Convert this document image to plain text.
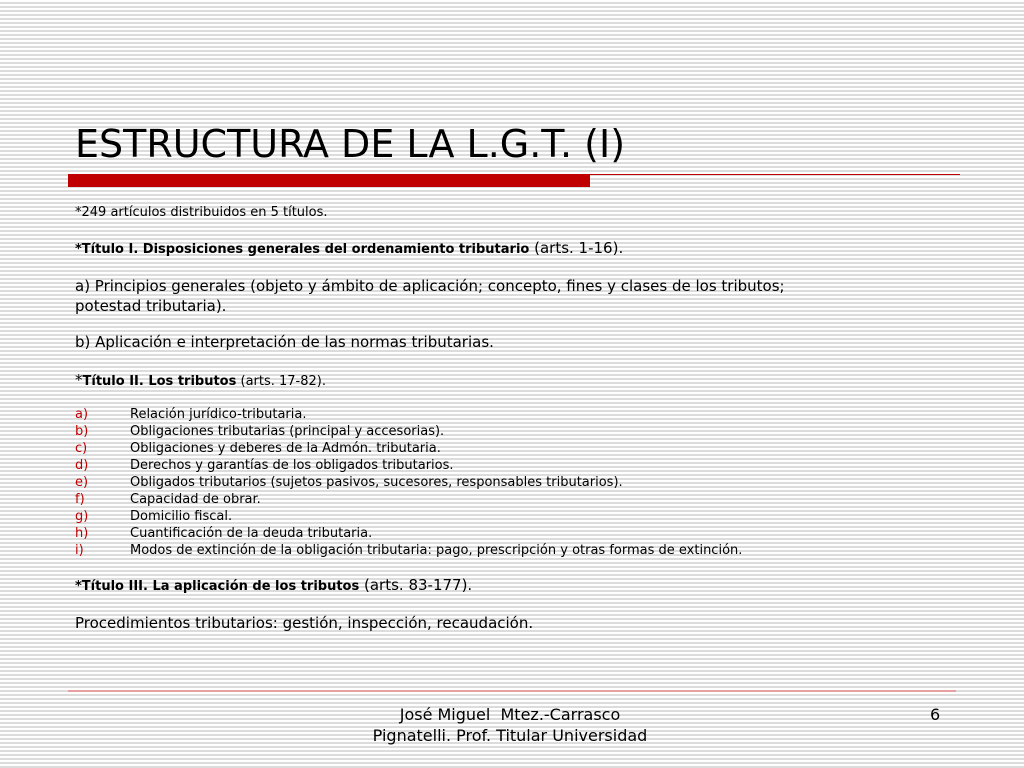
ESTRUCTURA DE LA L.G.T. (I)
*249 artículos distribuidos en 5 títulos.
*Título I. Disposiciones generales del ordenamiento tributario (arts. 1-16).
a) Principios generales (objeto y ámbito de aplicación; concepto, fines y clases de los tributos;
potestad tributaria).
b) Aplicación e interpretación de las normas tributarias.
*Título II. Los tributos (arts. 17-82).
a)	Relación jurídico-tributaria.
b)	Obligaciones tributarias (principal y accesorias).
c)	Obligaciones y deberes de la Admón. tributaria.
d)	Derechos y garantías de los obligados tributarios.
e)	Obligados tributarios (sujetos pasivos, sucesores, responsables tributarios).
f)	Capacidad de obrar.
g)	Domicilio fiscal.
h)	Cuantificación de la deuda tributaria.
i)	Modos de extinción de la obligación tributaria: pago, prescripción y otras formas de extinción.
*Título III. La aplicación de los tributos (arts. 83-177).
Procedimientos tributarios: gestión, inspección, recaudación.
José Miguel  Mtez.-Carrasco
Pignatelli. Prof. Titular Universidad
6
